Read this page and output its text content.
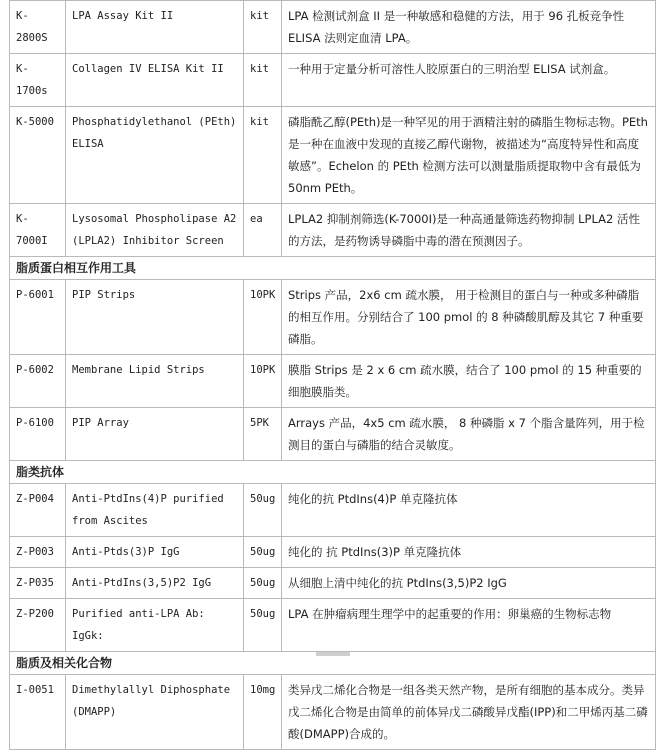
K-2800S	LPA Assay Kit II	kit	LPA 检测试剂盒 II 是一种敏感和稳健的方法，用于 96 孔板竞争性 ELISA 法则定血清 LPA。
K-1700s	Collagen IV ELISA Kit II	kit	一种用于定量分析可溶性人胶原蛋白的三明治型 ELISA 试剂盒。
K-5000	Phosphatidylethanol (PEth) ELISA	kit	磷脂酰乙醇(PEth)是一种罕见的用于酒精注射的磷脂生物标志物。PEth 是一种在血液中发现的直接乙醇代谢物，被描述为“高度特异性和高度敏感”。Echelon 的 PEth 检测方法可以测量脂质提取物中含有最低为 50nm PEth。
K-7000I	Lysosomal Phospholipase A2 (LPLA2) Inhibitor Screen	ea	LPLA2 抑制剂筛选(K-7000I)是一种高通量筛选药物抑制 LPLA2 活性的方法，是药物诱导磷脂中毒的潜在预测因子。
脂质蛋白相互作用工具			
P-6001	PIP Strips	10PK	Strips 产品，2x6 cm 疏水膜， 用于检测目的蛋白与一种或多种磷脂的相互作用。分别结合了 100 pmol 的 8 种磷酸肌醇及其它 7 种重要磷脂。
P-6002	Membrane Lipid Strips	10PK	膜脂 Strips 是 2 x 6 cm 疏水膜，结合了 100 pmol 的 15 种重要的细胞膜脂类。
P-6100	PIP Array	5PK	Arrays 产品，4x5 cm 疏水膜， 8 种磷脂 x 7 个脂含量阵列，用于检测目的蛋白与磷脂的结合灵敏度。
脂类抗体			
Z-P004	Anti-PtdIns(4)P purified from Ascites	50ug	纯化的抗 PtdIns(4)P 单克隆抗体
Z-P003	Anti-Ptds(3)P IgG	50ug	纯化的 抗 PtdIns(3)P 单克隆抗体
Z-P035	Anti-PtdIns(3,5)P2 IgG	50ug	从细胞上清中纯化的抗 PtdIns(3,5)P2 IgG
Z-P200	Purified anti-LPA Ab: IgGk:	50ug	LPA 在肿瘤病理生理学中的起重要的作用：卵巢癌的生物标志物
脂质及相关化合物			
I-0051	Dimethylallyl Diphosphate (DMAPP)	10mg	类异戊二烯化合物是一组各类天然产物，是所有细胞的基本成分。类异戊二烯化合物是由简单的前体异戊二磷酸异戊酯(IPP)和二甲烯丙基二磷酸(DMAPP)合成的。
